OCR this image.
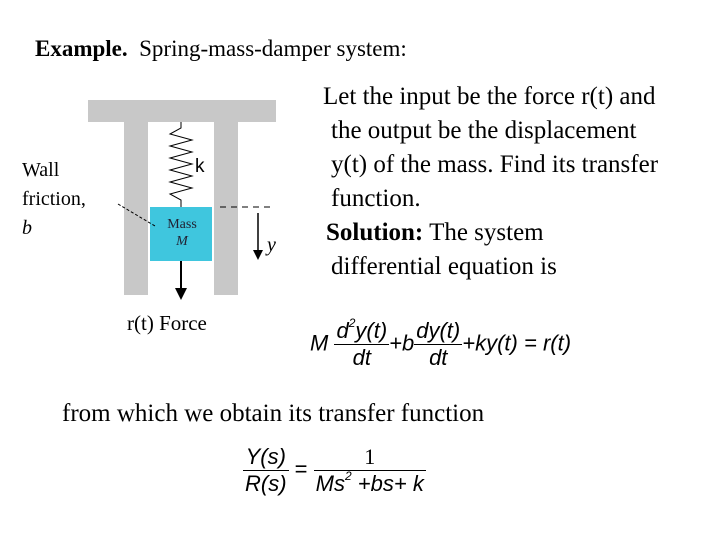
Example. Spring-mass-damper system:
Wall
friction,
b
k
Mass
M	y
r(t) Force
Let the input be the force r(t) and
the output be the displacement
y(t) of the mass. Find its transfer
function.
Solution: The system
differential equation is
M $\frac{d^2y(t)}{dt} +b \frac{dy(t)}{dt} +ky(t) = r(t)$
from which we obtain its transfer function
$\frac{Y(s)}{R(s)} = \frac{1}{Ms^2 +bs+ k}$
